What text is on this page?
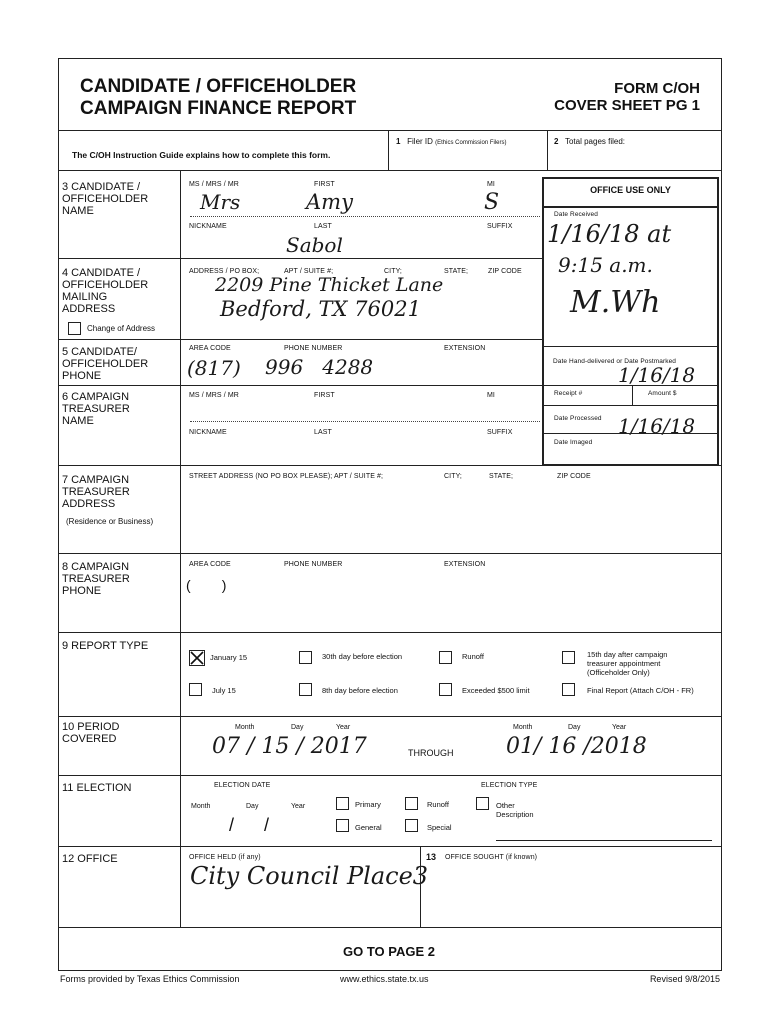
CANDIDATE / OFFICEHOLDER
CAMPAIGN FINANCE REPORT
FORM C/OH
COVER SHEET PG 1
The C/OH Instruction Guide explains how to complete this form.
1 Filer ID (Ethics Commission Filers)	2 Total pages filed:
3 CANDIDATE /
OFFICEHOLDER
NAME
MS / MRS / MR	FIRST	MI
Mrs	Amy	S
NICKNAME	LAST	SUFFIX
Sabol
OFFICE USE ONLY
Date Received
1/16/18 at
9:15 a.m.
M.Wh
Date Hand-delivered or Date Postmarked
1/16/18
Receipt #	Amount $
Date Processed 1/16/18
Date Imaged
4 CANDIDATE /
OFFICEHOLDER
MAILING
ADDRESS
Change of Address
ADDRESS / PO BOX;	APT / SUITE #;	CITY;	STATE;	ZIP CODE
2209 Pine Thicket Lane
Bedford, TX 76021
5 CANDIDATE/
OFFICEHOLDER
PHONE
AREA CODE	PHONE NUMBER	EXTENSION
(817) 996   4288
6 CAMPAIGN
TREASURER
NAME
MS / MRS / MR	FIRST	MI
NICKNAME	LAST	SUFFIX
7 CAMPAIGN
TREASURER
ADDRESS
(Residence or Business)
STREET ADDRESS (NO PO BOX PLEASE); APT / SUITE #;	CITY;	STATE;	ZIP CODE
8 CAMPAIGN
TREASURER
PHONE
AREA CODE	PHONE NUMBER	EXTENSION
(        )
9 REPORT TYPE
January 15	30th day before election	Runoff	15th day after campaign
treasurer appointment
(Officeholder Only)
July 15	8th day before election	Exceeded $500 limit	Final Report (Attach C/OH - FR)
10 PERIOD
COVERED
Month	Day	Year	Month	Day	Year
07 / 15 / 2017	THROUGH 01/ 16 /2018
11 ELECTION	ELECTION DATE
Month	Day	Year
/      /
ELECTION TYPE
Primary	Runoff	Other
Description
General	Special
12 OFFICE	OFFICE HELD (if any)
City Council Place3
13 OFFICE SOUGHT (if known)
GO TO PAGE 2
Forms provided by Texas Ethics Commission	www.ethics.state.tx.us	Revised 9/8/2015
